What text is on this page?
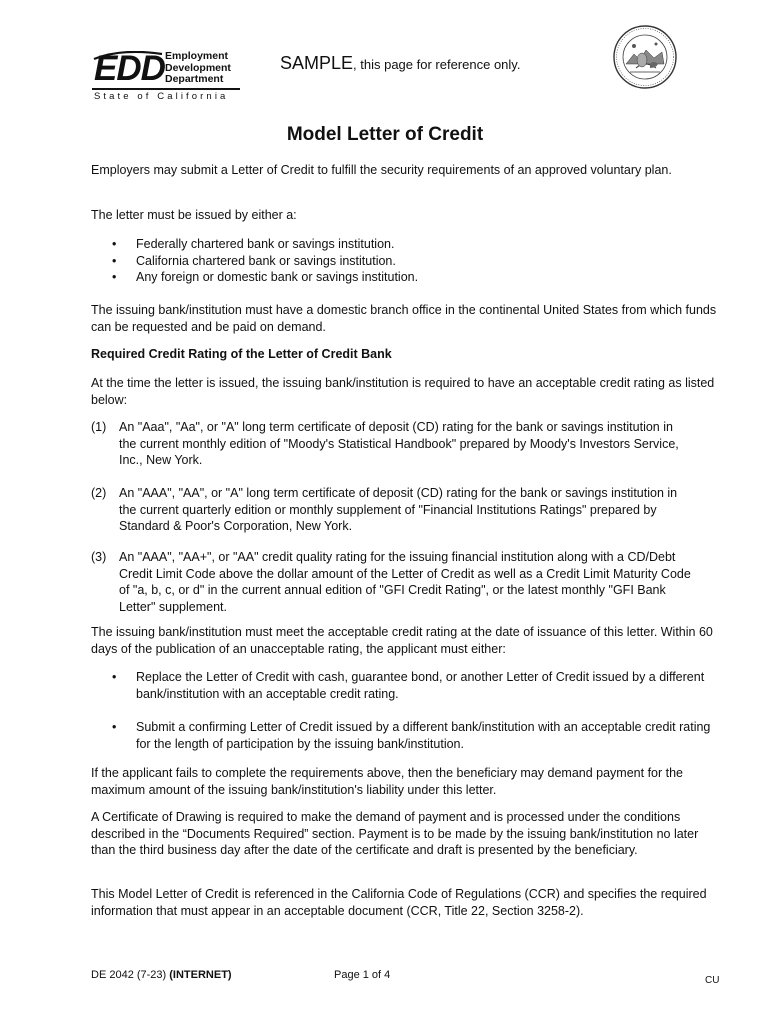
EDD Employment
Development
Department
State of California
SAMPLE, this page for reference only.
Model Letter of Credit
Employers may submit a Letter of Credit to fulfill the security requirements of an approved voluntary plan.
The letter must be issued by either a:
• Federally chartered bank or savings institution.
• California chartered bank or savings institution.
• Any foreign or domestic bank or savings institution.
The issuing bank/institution must have a domestic branch office in the continental United States from which funds can be requested and be paid on demand.
Required Credit Rating of the Letter of Credit Bank
At the time the letter is issued, the issuing bank/institution is required to have an acceptable credit rating as listed below:
(1) An "Aaa", "Aa", or "A" long term certificate of deposit (CD) rating for the bank or savings institution in the current monthly edition of "Moody's Statistical Handbook" prepared by Moody's Investors Service, Inc., New York.
(2) An "AAA", "AA", or "A" long term certificate of deposit (CD) rating for the bank or savings institution in the current quarterly edition or monthly supplement of "Financial Institutions Ratings" prepared by Standard & Poor's Corporation, New York.
(3) An "AAA", "AA+", or "AA" credit quality rating for the issuing financial institution along with a CD/Debt Credit Limit Code above the dollar amount of the Letter of Credit as well as a Credit Limit Maturity Code of "a, b, c, or d" in the current annual edition of "GFI Credit Rating", or the latest monthly "GFI Bank Letter" supplement.
The issuing bank/institution must meet the acceptable credit rating at the date of issuance of this letter. Within 60 days of the publication of an unacceptable rating, the applicant must either:
• Replace the Letter of Credit with cash, guarantee bond, or another Letter of Credit issued by a different bank/institution with an acceptable credit rating.
• Submit a confirming Letter of Credit issued by a different bank/institution with an acceptable credit rating for the length of participation by the issuing bank/institution.
If the applicant fails to complete the requirements above, then the beneficiary may demand payment for the maximum amount of the issuing bank/institution's liability under this letter.
A Certificate of Drawing is required to make the demand of payment and is processed under the conditions described in the “Documents Required” section. Payment is to be made by the issuing bank/institution no later than the third business day after the date of the certificate and draft is presented by the beneficiary.
This Model Letter of Credit is referenced in the California Code of Regulations (CCR) and specifies the required information that must appear in an acceptable document (CCR, Title 22, Section 3258-2).
DE 2042 (7-23) (INTERNET)	Page 1 of 4	CU
